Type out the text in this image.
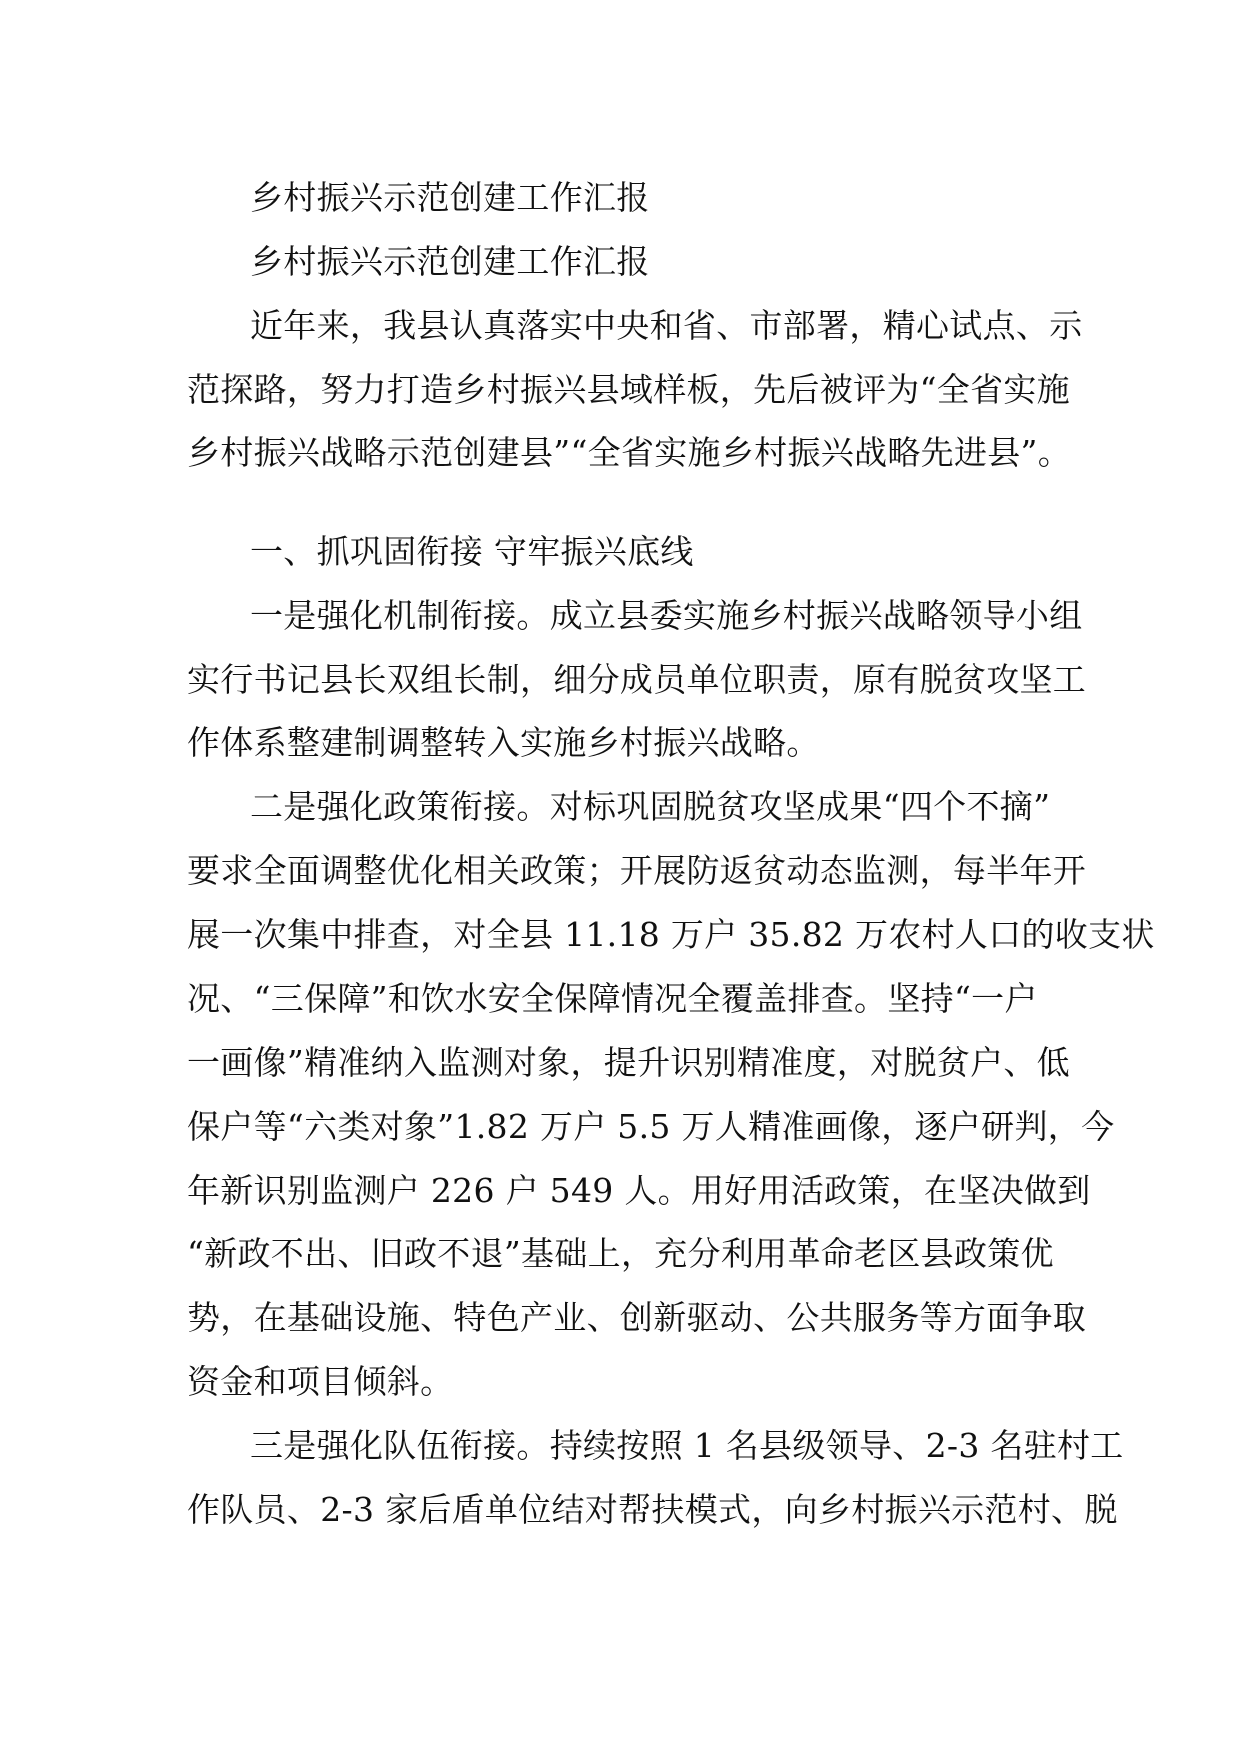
乡村振兴示范创建工作汇报
乡村振兴示范创建工作汇报
近年来，我县认真落实中央和省、市部署，精心试点、示
范探路，努力打造乡村振兴县域样板，先后被评为“全省实施
乡村振兴战略示范创建县”“全省实施乡村振兴战略先进县”。
一、抓巩固衔接 守牢振兴底线
一是强化机制衔接。成立县委实施乡村振兴战略领导小组
实行书记县长双组长制，细分成员单位职责，原有脱贫攻坚工
作体系整建制调整转入实施乡村振兴战略。
二是强化政策衔接。对标巩固脱贫攻坚成果“四个不摘”
要求全面调整优化相关政策；开展防返贫动态监测，每半年开
展一次集中排查，对全县 11.18 万户 35.82 万农村人口的收支状
况、“三保障”和饮水安全保障情况全覆盖排查。坚持“一户
一画像”精准纳入监测对象，提升识别精准度，对脱贫户、低
保户等“六类对象”1.82 万户 5.5 万人精准画像，逐户研判，今
年新识别监测户 226 户 549 人。用好用活政策，在坚决做到
“新政不出、旧政不退”基础上，充分利用革命老区县政策优
势，在基础设施、特色产业、创新驱动、公共服务等方面争取
资金和项目倾斜。
三是强化队伍衔接。持续按照 1 名县级领导、2-3 名驻村工
作队员、2-3 家后盾单位结对帮扶模式，向乡村振兴示范村、脱
